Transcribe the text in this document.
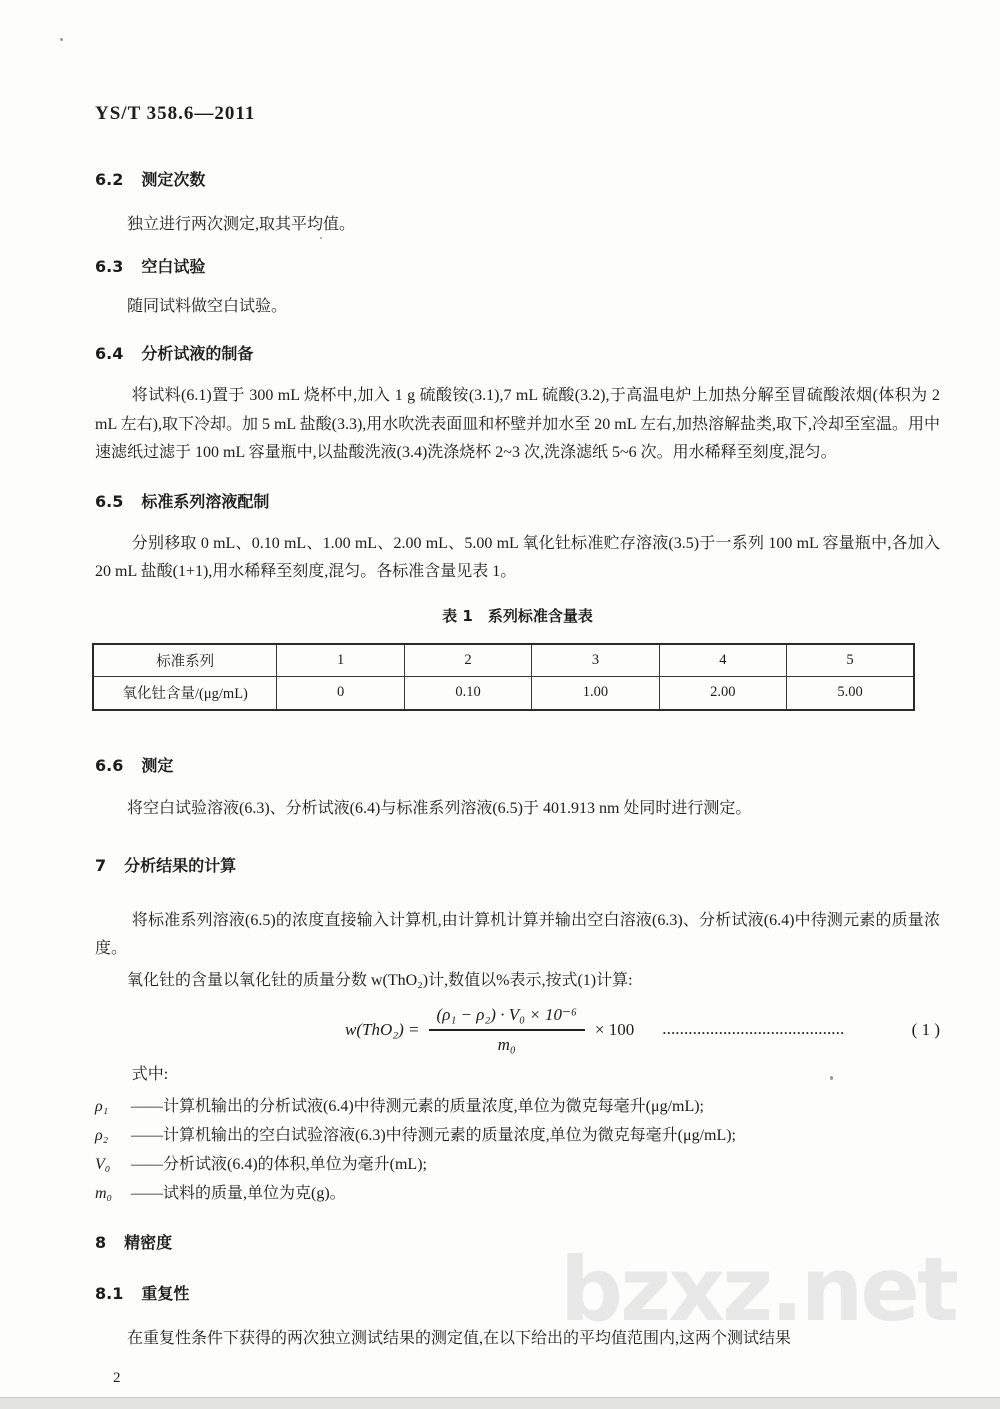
bzxz.net
YS/T 358.6—2011
6.2 测定次数
独立进行两次测定,取其平均值。
6.3 空白试验
随同试料做空白试验。
6.4 分析试液的制备
将试料(6.1)置于 300 mL 烧杯中,加入 1 g 硫酸铵(3.1),7 mL 硫酸(3.2),于高温电炉上加热分解至冒硫酸浓烟(体积为 2 mL 左右),取下冷却。加 5 mL 盐酸(3.3),用水吹洗表面皿和杯壁并加水至 20 mL 左右,加热溶解盐类,取下,冷却至室温。用中速滤纸过滤于 100 mL 容量瓶中,以盐酸洗液(3.4)洗涤烧杯 2~3 次,洗涤滤纸 5~6 次。用水稀释至刻度,混匀。
6.5 标准系列溶液配制
分别移取 0 mL、0.10 mL、1.00 mL、2.00 mL、5.00 mL 氧化钍标准贮存溶液(3.5)于一系列 100 mL 容量瓶中,各加入 20 mL 盐酸(1+1),用水稀释至刻度,混匀。各标准含量见表 1。
表 1　系列标准含量表
标准系列	1	2	3	4	5
氧化钍含量/(μg/mL)	0	0.10	1.00	2.00	5.00
6.6 测定
将空白试验溶液(6.3)、分析试液(6.4)与标准系列溶液(6.5)于 401.913 nm 处同时进行测定。
7 分析结果的计算
将标准系列溶液(6.5)的浓度直接输入计算机,由计算机计算并输出空白溶液(6.3)、分析试液(6.4)中待测元素的质量浓度。
氧化钍的含量以氧化钍的质量分数 w(ThO₂)计,数值以%表示,按式(1)计算:
$w(ThO_2) = \frac{\text{(ρ₁ − ρ₂) · V₀ × 10⁻⁶}}{\text{m₀}} \times 100$ ……………………………………	( 1 )
式中:
ρ₁	——计算机输出的分析试液(6.4)中待测元素的质量浓度,单位为微克每毫升(μg/mL);
ρ₂	——计算机输出的空白试验溶液(6.3)中待测元素的质量浓度,单位为微克每毫升(μg/mL);
V₀	——分析试液(6.4)的体积,单位为毫升(mL);
m₀	——试料的质量,单位为克(g)。
8 精密度
8.1 重复性
在重复性条件下获得的两次独立测试结果的测定值,在以下给出的平均值范围内,这两个测试结果
2
